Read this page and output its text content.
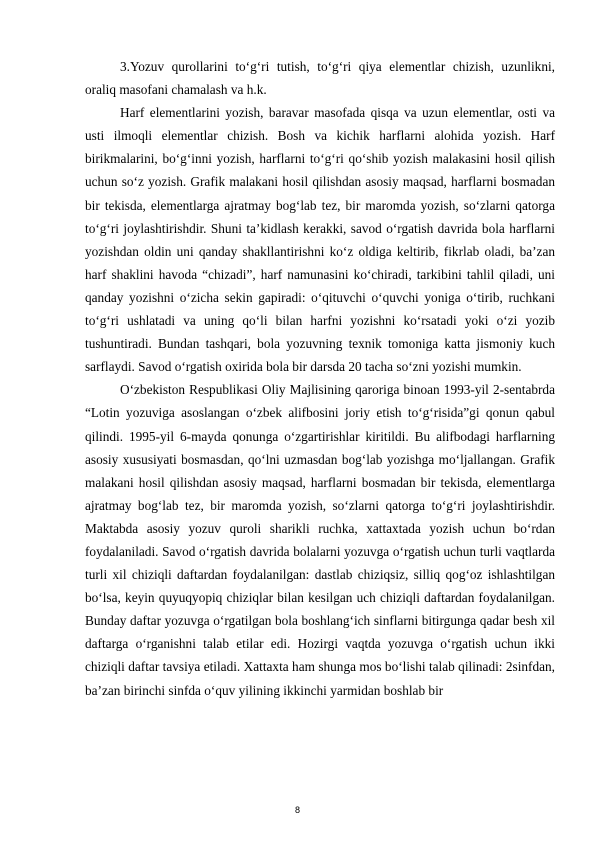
3.Yozuv qurollarini to‘g‘ri tutish, to‘g‘ri qiya elementlar chizish, uzunlikni, oraliq masofani chamalash va h.k.

Harf elementlarini yozish, baravar masofada qisqa va uzun elementlar, osti va usti ilmoqli elementlar chizish. Bosh va kichik harflarni alohida yozish. Harf birikmalarini, bo‘g‘inni yozish, harflarni to‘g‘ri qo‘shib yozish malakasini hosil qilish uchun so‘z yozish. Grafik malakani hosil qilishdan asosiy maqsad, harflarni bosmadan bir tekisda, elementlarga ajratmay bog‘lab tez, bir maromda yozish, so‘zlarni qatorga to‘g‘ri joylashtirishdir. Shuni ta’kidlash kerakki, savod o‘rgatish davrida bola harflarni yozishdan oldin uni qanday shakllantirishni ko‘z oldiga keltirib, fikrlab oladi, ba’zan harf shaklini havoda “chizadi”, harf namunasini ko‘chiradi, tarkibini tahlil qiladi, uni qanday yozishni o‘zicha sekin gapiradi: o‘qituvchi o‘quvchi yoniga o‘tirib, ruchkani to‘g‘ri ushlatadi va uning qo‘li bilan harfni yozishni ko‘rsatadi yoki o‘zi yozib tushuntiradi. Bundan tashqari, bola yozuvning texnik tomoniga katta jismoniy kuch sarflaydi. Savod o‘rgatish oxirida bola bir darsda 20 tacha so‘zni yozishi mumkin.

O‘zbekiston Respublikasi Oliy Majlisining qaroriga binoan 1993-yil 2-sentabrda “Lotin yozuviga asoslangan o‘zbek alifbosini joriy etish to‘g‘risida”gi qonun qabul qilindi. 1995-yil 6-mayda qonunga o‘zgartirishlar kiritildi. Bu alifbodagi harflarning asosiy xususiyati bosmasdan, qo‘lni uzmasdan bog‘lab yozishga mo‘ljallangan. Grafik malakani hosil qilishdan asosiy maqsad, harflarni bosmadan bir tekisda, elementlarga ajratmay bog‘lab tez, bir maromda yozish, so‘zlarni qatorga to‘g‘ri joylashtirishdir. Maktabda asosiy yozuv quroli sharikli ruchka, xattaxtada yozish uchun bo‘rdan foydalaniladi. Savod o‘rgatish davrida bolalarni yozuvga o‘rgatish uchun turli vaqtlarda turli xil chiziqli daftardan foydalanilgan: dastlab chiziqsiz, silliq qog‘oz ishlashtilgan bo‘lsa, keyin quyuqyopiq chiziqlar bilan kesilgan uch chiziqli daftardan foydalanilgan. Bunday daftar yozuvga o‘rgatilgan bola boshlang‘ich sinflarni bitirgunga qadar besh xil daftarga o‘rganishni talab etilar edi. Hozirgi vaqtda yozuvga o‘rgatish uchun ikki chiziqli daftar tavsiya etiladi. Xattaxta ham shunga mos bo‘lishi talab qilinadi: 2sinfdan, ba’zan birinchi sinfda o‘quv yilining ikkinchi yarmidan boshlab bir

8
